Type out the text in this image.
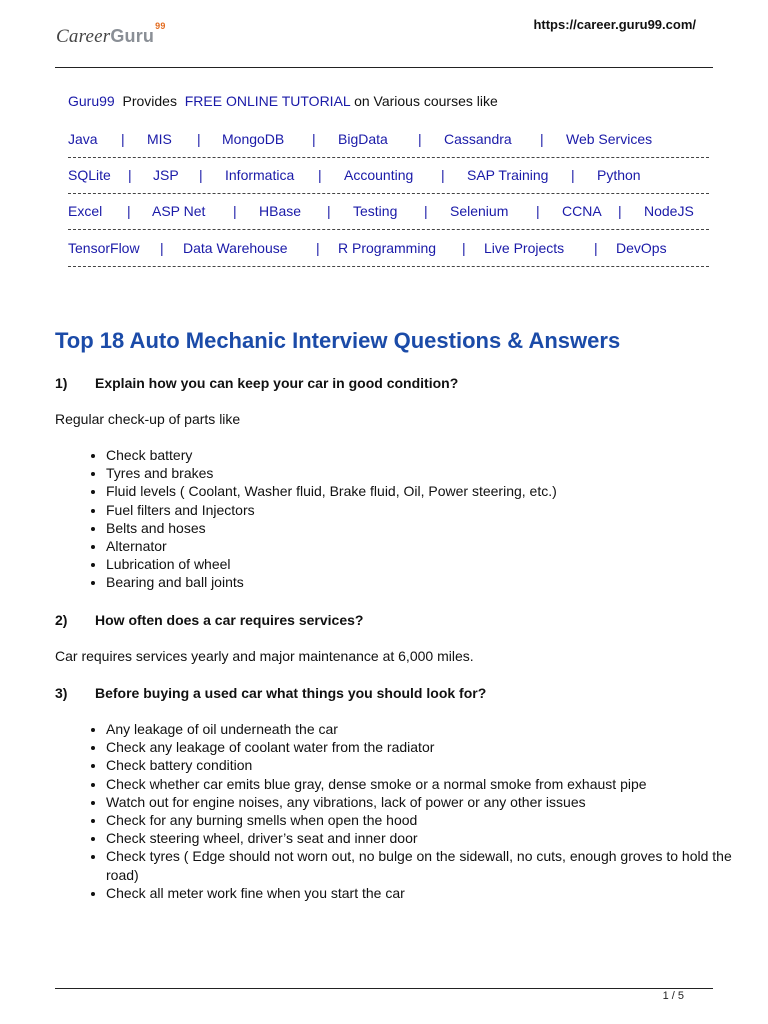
CareerGuru$^{99}$	https://career.guru99.com/
Guru99 Provides FREE ONLINE TUTORIAL on Various courses like
Java | MIS | MongoDB | BigData | Cassandra | Web Services
SQLite | JSP | Informatica | Accounting | SAP Training | Python
Excel | ASP Net | HBase | Testing | Selenium | CCNA | NodeJS
TensorFlow | Data Warehouse | R Programming | Live Projects | DevOps
Top 18 Auto Mechanic Interview Questions & Answers
1) Explain how you can keep your car in good condition?
Regular check-up of parts like
• Check battery
• Tyres and brakes
• Fluid levels ( Coolant, Washer fluid, Brake fluid, Oil, Power steering, etc.)
• Fuel filters and Injectors
• Belts and hoses
• Alternator
• Lubrication of wheel
• Bearing and ball joints
2) How often does a car requires services?
Car requires services yearly and major maintenance at 6,000 miles.
3) Before buying a used car what things you should look for?
• Any leakage of oil underneath the car
• Check any leakage of coolant water from the radiator
• Check battery condition
• Check whether car emits blue gray, dense smoke or a normal smoke from exhaust pipe
• Watch out for engine noises, any vibrations, lack of power or any other issues
• Check for any burning smells when open the hood
• Check steering wheel, driver’s seat and inner door
• Check tyres ( Edge should not worn out, no bulge on the sidewall, no cuts, enough groves to hold the road)
• Check all meter work fine when you start the car
1 / 5
